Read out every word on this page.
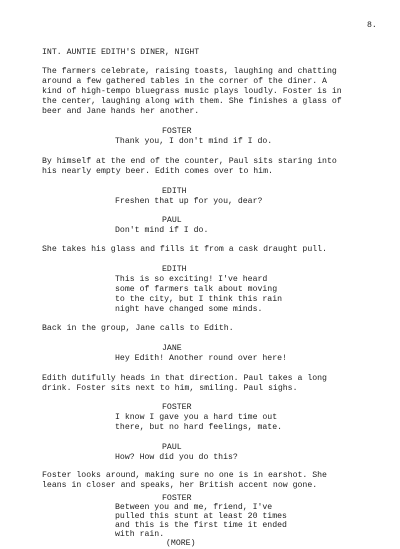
8.
INT. AUNTIE EDITH'S DINER, NIGHT
The farmers celebrate, raising toasts, laughing and chatting
around a few gathered tables in the corner of the diner. A
kind of high-tempo bluegrass music plays loudly. Foster is in
the center, laughing along with them. She finishes a glass of
beer and Jane hands her another.
FOSTER
Thank you, I don't mind if I do.
By himself at the end of the counter, Paul sits staring into
his nearly empty beer. Edith comes over to him.
EDITH
Freshen that up for you, dear?
PAUL
Don't mind if I do.
She takes his glass and fills it from a cask draught pull.
EDITH
This is so exciting! I've heard
some of farmers talk about moving
to the city, but I think this rain
night have changed some minds.
Back in the group, Jane calls to Edith.
JANE
Hey Edith! Another round over here!
Edith dutifully heads in that direction. Paul takes a long
drink. Foster sits next to him, smiling. Paul sighs.
FOSTER
I know I gave you a hard time out
there, but no hard feelings, mate.
PAUL
How? How did you do this?
Foster looks around, making sure no one is in earshot. She
leans in closer and speaks, her British accent now gone.
FOSTER
Between you and me, friend, I've
pulled this stunt at least 20 times
and this is the first time it ended
with rain.
(MORE)
